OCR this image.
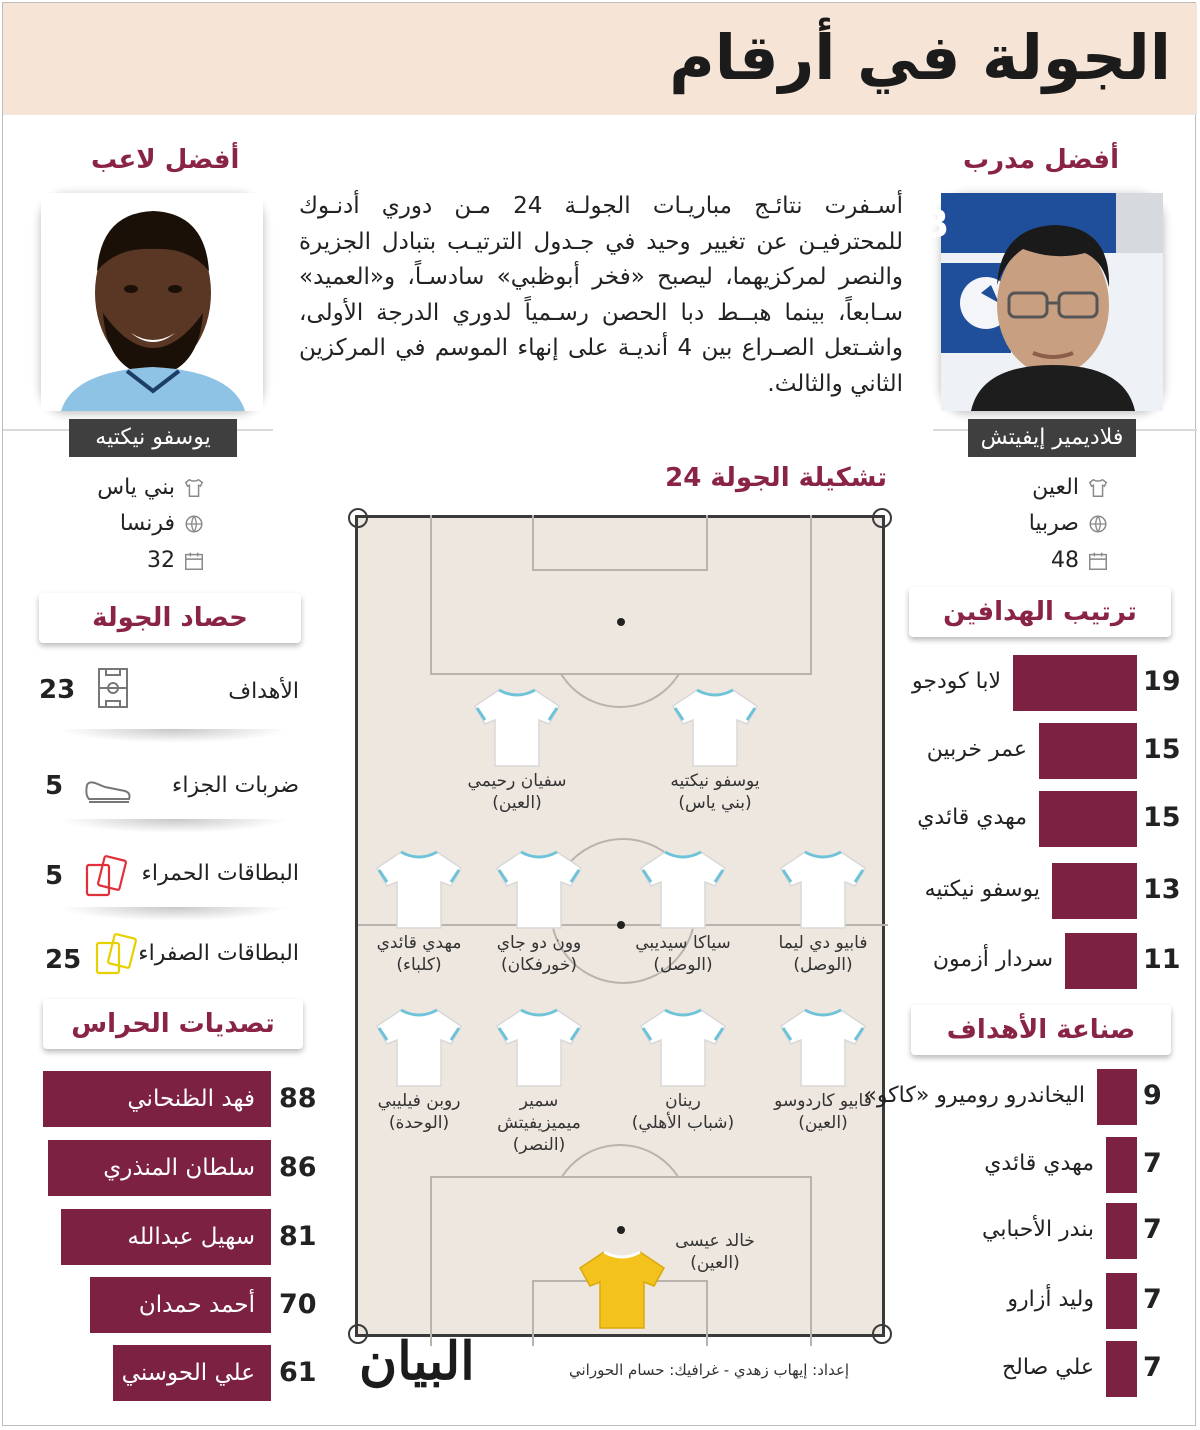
الجولة في أرقام
أفضل مدرب
AB
فلاديمير إيفيتش
العين
صربيا
48
أفضل لاعب
يوسفو نيكتيه
بني ياس
فرنسا
32
أسـفرت نتائـج مباريـات الجولـة 24 مـن دوري أدنـوك للمحترفيـن عن تغيير وحيد في جـدول الترتيـب بتبادل الجزيرة والنصر لمركزيهما، ليصبح «فخر أبوظبي» سادسـاً، و«العميد» سـابعاً، بينما هبــط دبا الحصن رسـمياً لدوري الدرجة الأولى، واشـتعل الصـراع بين 4 أنديـة على إنهاء الموسم في المركزين الثاني والثالث.
تشكيلة الجولة 24
يوسفو نيكتيه
(بني ياس)
سفيان رحيمي
(العين)
فابيو دي ليما
(الوصل)
سياكا سيديبي
(الوصل)
وون دو جاي
(خورفكان)
مهدي قائدي
(كلباء)
فابيو كاردوسو
(العين)
رينان
(شباب الأهلي)
سمير ميميزيفيتش
(النصر)
روبن فيليبي
(الوحدة)
خالد عيسى
(العين)
حصاد الجولة
الأهداف
23
ضربات الجزاء
5
البطاقات الحمراء
5
البطاقات الصفراء
25
تصديات الحراس
فهد الظنحاني 88
سلطان المنذري 86
سهيل عبدالله 81
أحمد حمدان 70
علي الحوسني 61
ترتيب الهدافين
لابا كودجو	19
عمر خربين	15
مهدي قائدي	15
يوسفو نيكتيه	13
سردار أزمون	11
صناعة الأهداف
اليخاندرو روميرو «كاكو» 9
مهدي قائدي 7
بندر الأحبابي 7
وليد أزارو 7
علي صالح 7
البيان	إعداد: إيهاب زهدي - غرافيك: حسام الحوراني
